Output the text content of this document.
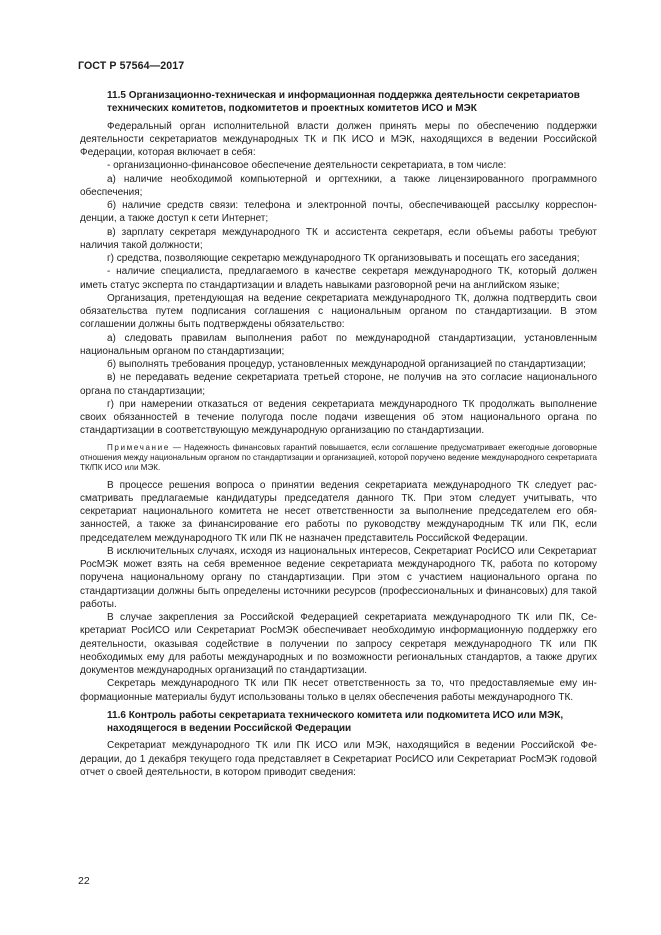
ГОСТ Р 57564—2017

11.5 Организационно-техническая и информационная поддержка деятельности секретариатов технических комитетов, подкомитетов и проектных комитетов ИСО и МЭК

Федеральный орган исполнительной власти должен принять меры по обеспечению поддержки деятельности секретариатов международных ТК и ПК ИСО и МЭК, находящихся в ведении Российской Федерации, которая включает в себя:

- организационно-финансовое обеспечение деятельности секретариата, в том числе:

а) наличие необходимой компьютерной и оргтехники, а также лицензированного программного обеспечения;

б) наличие средств связи: телефона и электронной почты, обеспечивающей рассылку корреспонденции, а также доступ к сети Интернет;

в) зарплату секретаря международного ТК и ассистента секретаря, если объемы работы требуют наличия такой должности;

г) средства, позволяющие секретарю международного ТК организовывать и посещать его заседания;

- наличие специалиста, предлагаемого в качестве секретаря международного ТК, который должен иметь статус эксперта по стандартизации и владеть навыками разговорной речи на английском языке;

Организация, претендующая на ведение секретариата международного ТК, должна подтвердить свои обязательства путем подписания соглашения с национальным органом по стандартизации. В этом соглашении должны быть подтверждены обязательство:

а) следовать правилам выполнения работ по международной стандартизации, установленным национальным органом по стандартизации;

б) выполнять требования процедур, установленных международной организацией по стандартизации;

в) не передавать ведение секретариата третьей стороне, не получив на это согласие национального органа по стандартизации;

г) при намерении отказаться от ведения секретариата международного ТК продолжать выполнение своих обязанностей в течение полугода после подачи извещения об этом национального органа по стандартизации в соответствующую международную организацию по стандартизации.

Примечание — Надежность финансовых гарантий повышается, если соглашение предусматривает ежегодные договорные отношения между национальным органом по стандартизации и организацией, которой поручено ведение международного секретариата ТК/ПК ИСО или МЭК.

В процессе решения вопроса о принятии ведения секретариата международного ТК следует рассматривать предлагаемые кандидатуры председателя данного ТК. При этом следует учитывать, что секретариат национального комитета не несет ответственности за выполнение председателем его обязанностей, а также за финансирование его работы по руководству международным ТК или ПК, если председателем международного ТК или ПК не назначен представитель Российской Федерации.

В исключительных случаях, исходя из национальных интересов, Секретариат РосИСО или Секретариат РосМЭК может взять на себя временное ведение секретариата международного ТК, работа по которому поручена национальному органу по стандартизации. При этом с участием национального органа по стандартизации должны быть определены источники ресурсов (профессиональных и финансовых) для такой работы.

В случае закрепления за Российской Федерацией секретариата международного ТК или ПК, Секретариат РосИСО или Секретариат РосМЭК обеспечивает необходимую информационную поддержку его деятельности, оказывая содействие в получении по запросу секретаря международного ТК или ПК необходимых ему для работы международных и по возможности региональных стандартов, а также других документов международных организаций по стандартизации.

Секретарь международного ТК или ПК несет ответственность за то, что предоставляемые ему информационные материалы будут использованы только в целях обеспечения работы международного ТК.

11.6 Контроль работы секретариата технического комитета или подкомитета ИСО или МЭК, находящегося в ведении Российской Федерации

Секретариат международного ТК или ПК ИСО или МЭК, находящийся в ведении Российской Федерации, до 1 декабря текущего года представляет в Секретариат РосИСО или Секретариат РосМЭК годовой отчет о своей деятельности, в котором приводит сведения:

22
